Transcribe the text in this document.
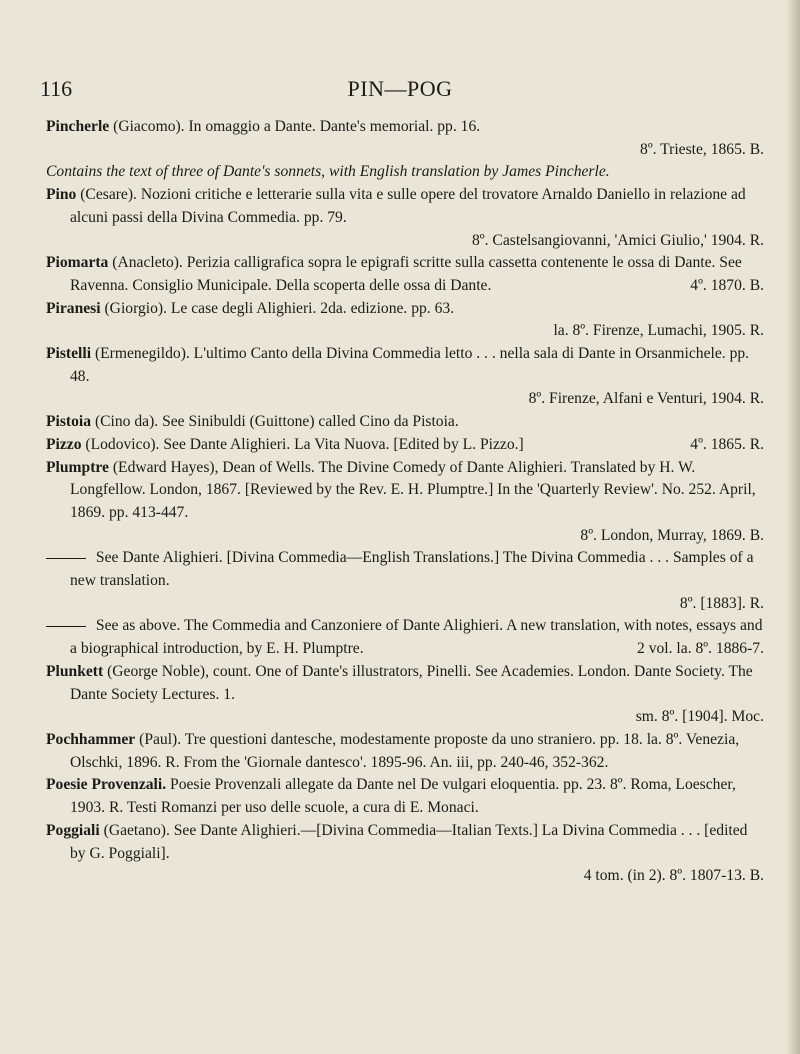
116	PIN—POG
Pincherle (Giacomo). In omaggio a Dante. Dante's memorial. pp. 16.
8º. Trieste, 1865. B.
Contains the text of three of Dante's sonnets, with English translation by James Pincherle.
Pino (Cesare). Nozioni critiche e letterarie sulla vita e sulle opere del trovatore Arnaldo Daniello in relazione ad alcuni passi della Divina Commedia. pp. 79.
8º. Castelsangiovanni, 'Amici Giulio,' 1904. R.
Piomarta (Anacleto). Perizia calligrafica sopra le epigrafi scritte sulla cassetta contenente le ossa di Dante. See Ravenna. Consiglio Municipale. Della scoperta delle ossa di Dante.	4º. 1870. B.
Piranesi (Giorgio). Le case degli Alighieri. 2da. edizione. pp. 63.
la. 8º. Firenze, Lumachi, 1905. R.
Pistelli (Ermenegildo). L'ultimo Canto della Divina Commedia letto . . . nella sala di Dante in Orsanmichele. pp. 48.
8º. Firenze, Alfani e Venturi, 1904. R.
Pistoia (Cino da). See Sinibuldi (Guittone) called Cino da Pistoia.
Pizzo (Lodovico). See Dante Alighieri. La Vita Nuova. [Edited by L. Pizzo.]	4º. 1865. R.
Plumptre (Edward Hayes), Dean of Wells. The Divine Comedy of Dante Alighieri. Translated by H. W. Longfellow. London, 1867. [Reviewed by the Rev. E. H. Plumptre.] In the 'Quarterly Review'. No. 252. April, 1869. pp. 413-447.
8º. London, Murray, 1869. B.
See Dante Alighieri. [Divina Commedia—English Translations.] The Divina Commedia . . . Samples of a new translation.
8º. [1883]. R.
See as above. The Commedia and Canzoniere of Dante Alighieri. A new translation, with notes, essays and a biographical introduction, by E. H. Plumptre.	2 vol. la. 8º. 1886-7.
Plunkett (George Noble), count. One of Dante's illustrators, Pinelli. See Academies. London. Dante Society. The Dante Society Lectures. 1.
sm. 8º. [1904]. Moc.
Pochhammer (Paul). Tre questioni dantesche, modestamente proposte da uno straniero. pp. 18. la. 8º. Venezia, Olschki, 1896. R. From the 'Giornale dantesco'. 1895-96. An. iii, pp. 240-46, 352-362.
Poesie Provenzali. Poesie Provenzali allegate da Dante nel De vulgari eloquentia. pp. 23. 8º. Roma, Loescher, 1903. R. Testi Romanzi per uso delle scuole, a cura di E. Monaci.
Poggiali (Gaetano). See Dante Alighieri.—[Divina Commedia—Italian Texts.] La Divina Commedia . . . [edited by G. Poggiali].
4 tom. (in 2). 8º. 1807-13. B.
